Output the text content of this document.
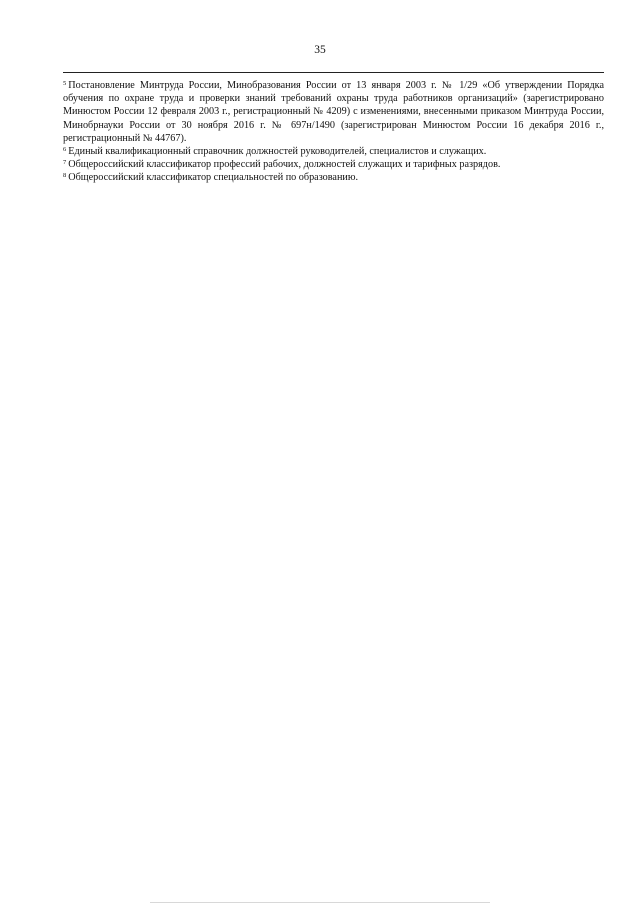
35

$^5$ Постановление Минтруда России, Минобразования России от 13 января 2003 г. № 1/29 «Об утверждении Порядка обучения по охране труда и проверки знаний требований охраны труда работников организаций» (зарегистрировано Минюстом России 12 февраля 2003 г., регистрационный № 4209) с изменениями, внесенными приказом Минтруда России, Минобрнауки России от 30 ноября 2016 г. № 697н/1490 (зарегистрирован Минюстом России 16 декабря 2016 г., регистрационный № 44767).

$^6$ Единый квалификационный справочник должностей руководителей, специалистов и служащих.

$^7$ Общероссийский классификатор профессий рабочих, должностей служащих и тарифных разрядов.

$^8$ Общероссийский классификатор специальностей по образованию.
